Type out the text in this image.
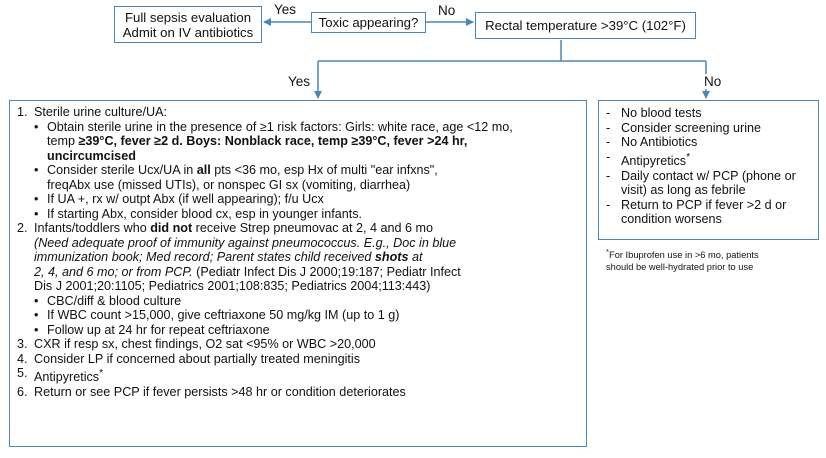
Full sepsis evaluation
Admit on IV antibiotics
Toxic appearing?	Rectal temperature >39°C (102°F)
Yes	No
Yes	No
1. Sterile urine culture/UA:
• Obtain sterile urine in the presence of ≥1 risk factors: Girls: white race, age <12 mo,
temp ≥39°C, fever ≥2 d. Boys: Nonblack race, temp ≥39°C, fever >24 hr,
uncircumcised
• Consider sterile Ucx/UA in all pts <36 mo, esp Hx of multi "ear infxns",
freqAbx use (missed UTIs), or nonspec GI sx (vomiting, diarrhea)
• If UA +, rx w/ outpt Abx (if well appearing); f/u Ucx
• If starting Abx, consider blood cx, esp in younger infants.
2. Infants/toddlers who did not receive Strep pneumovac at 2, 4 and 6 mo
(Need adequate proof of immunity against pneumococcus. E.g., Doc in blue
immunization book; Med record; Parent states child received shots at
2, 4, and 6 mo; or from PCP. (Pediatr Infect Dis J 2000;19:187; Pediatr Infect
Dis J 2001;20:1105; Pediatrics 2001;108:835; Pediatrics 2004;113:443)
• CBC/diff & blood culture
• If WBC count >15,000, give ceftriaxone 50 mg/kg IM (up to 1 g)
• Follow up at 24 hr for repeat ceftriaxone
3. CXR if resp sx, chest findings, O2 sat <95% or WBC >20,000
4. Consider LP if concerned about partially treated meningitis
5. Antipyretics*
6. Return or see PCP if fever persists >48 hr or condition deteriorates
- No blood tests
- Consider screening urine
- No Antibiotics
- Antipyretics*
- Daily contact w/ PCP (phone or
visit) as long as febrile
- Return to PCP if fever >2 d or
condition worsens
*For Ibuprofen use in >6 mo, patients
should be well-hydrated prior to use
